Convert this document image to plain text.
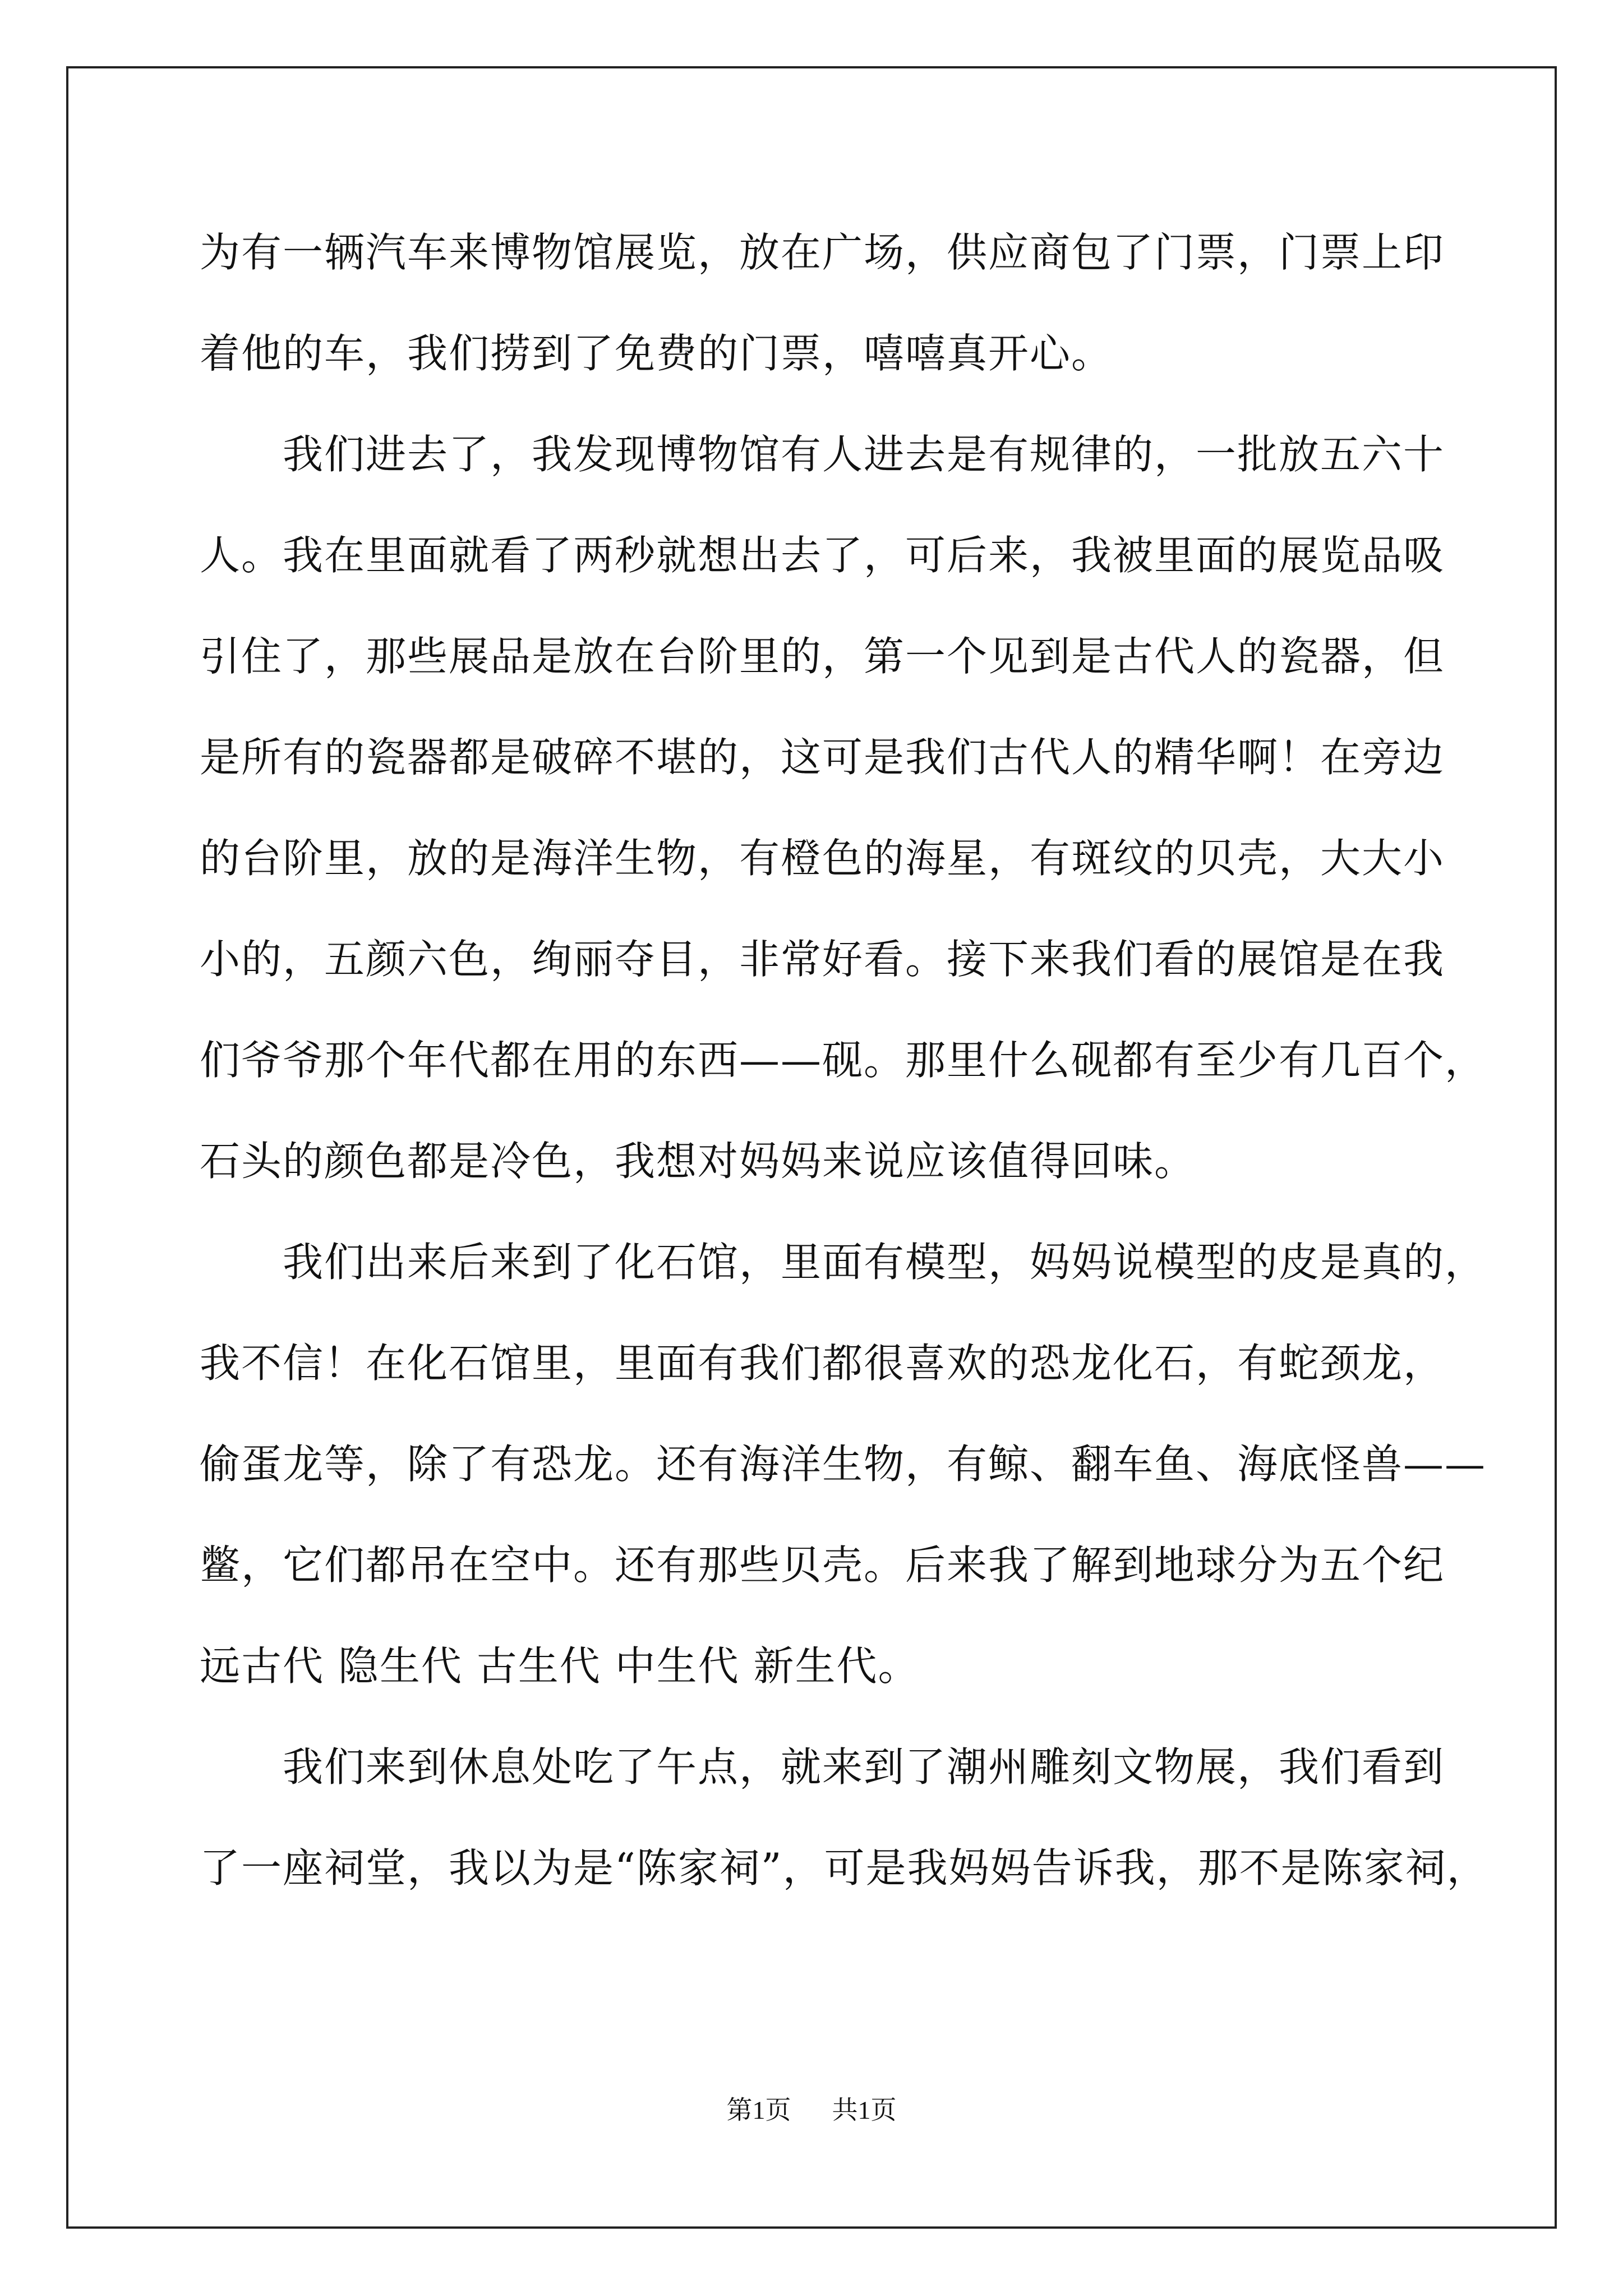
为有一辆汽车来博物馆展览，放在广场，供应商包了门票，门票上印
着他的车，我们捞到了免费的门票，嘻嘻真开心。
我们进去了，我发现博物馆有人进去是有规律的，一批放五六十
人。我在里面就看了两秒就想出去了，可后来，我被里面的展览品吸
引住了，那些展品是放在台阶里的，第一个见到是古代人的瓷器，但
是所有的瓷器都是破碎不堪的，这可是我们古代人的精华啊！在旁边
的台阶里，放的是海洋生物，有橙色的海星，有斑纹的贝壳，大大小
小的，五颜六色，绚丽夺目，非常好看。接下来我们看的展馆是在我
们爷爷那个年代都在用的东西——砚。那里什么砚都有至少有几百个，
石头的颜色都是冷色，我想对妈妈来说应该值得回味。
我们出来后来到了化石馆，里面有模型，妈妈说模型的皮是真的，
我不信！在化石馆里，里面有我们都很喜欢的恐龙化石，有蛇颈龙，
偷蛋龙等，除了有恐龙。还有海洋生物，有鲸、翻车鱼、海底怪兽——
鳖，它们都吊在空中。还有那些贝壳。后来我了解到地球分为五个纪
远古代 隐生代 古生代 中生代 新生代。
我们来到休息处吃了午点，就来到了潮州雕刻文物展，我们看到
了一座祠堂，我以为是“陈家祠”，可是我妈妈告诉我，那不是陈家祠，
第1页 共1页
